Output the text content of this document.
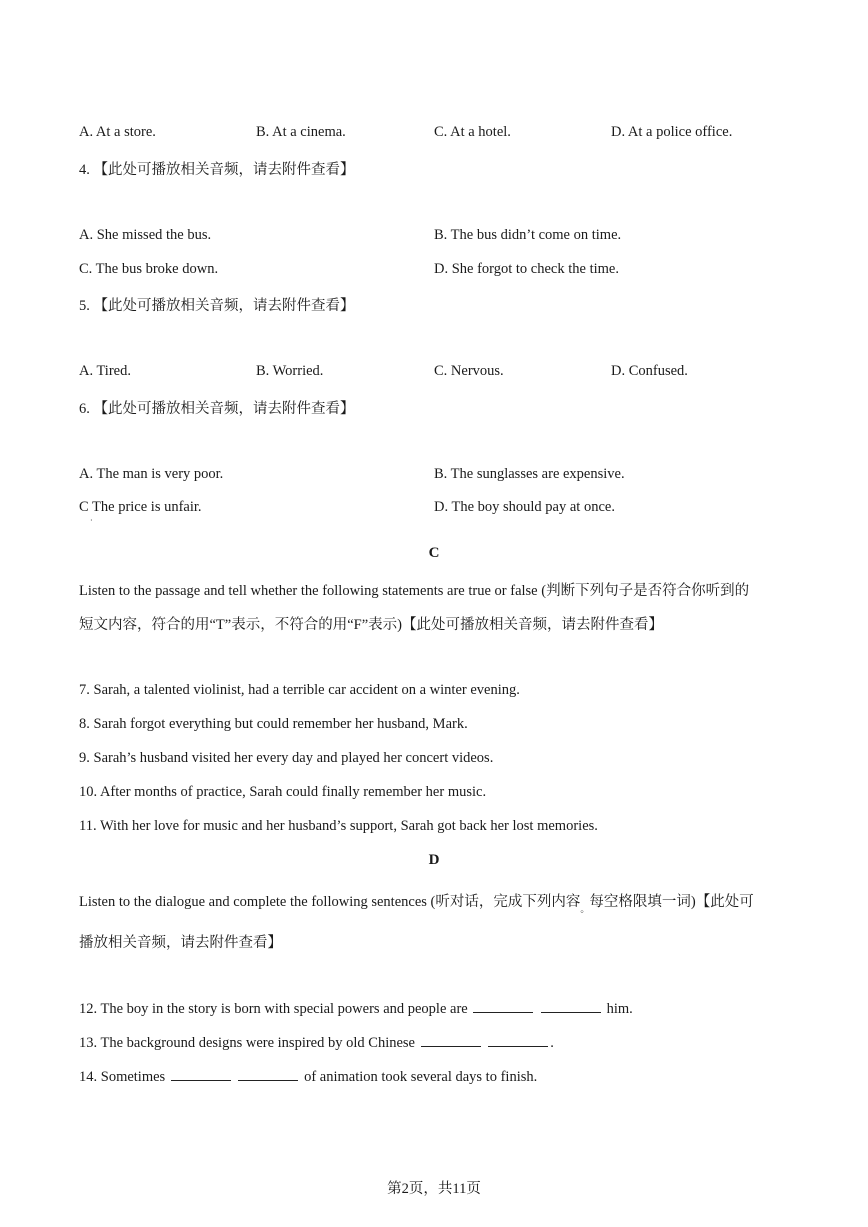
A. At a store.	B. At a cinema.	C. At a hotel.	D. At a police office.
4. 【此处可播放相关音频，请去附件查看】
A. She missed the bus.	B. The bus didn’t come on time.
C. The bus broke down.	D. She forgot to check the time.
5. 【此处可播放相关音频，请去附件查看】
A. Tired.	B. Worried.	C. Nervous.	D. Confused.
6. 【此处可播放相关音频，请去附件查看】
A. The man is very poor.	B. The sunglasses are expensive.
C The price is unfair.	D. The boy should pay at once.
·
C
Listen to the passage and tell whether the following statements are true or false (判断下列句子是否符合你听到的
短文内容，符合的用“T”表示，不符合的用“F”表示)【此处可播放相关音频，请去附件查看】
7. Sarah, a talented violinist, had a terrible car accident on a winter evening.
8. Sarah forgot everything but could remember her husband, Mark.
9. Sarah’s husband visited her every day and played her concert videos.
10. After months of practice, Sarah could finally remember her music.
11. With her love for music and her husband’s support, Sarah got back her lost memories.
D
Listen to the dialogue and complete the following sentences (听对话，完成下列内容$_。$每空格限填一词)【此处可
播放相关音频，请去附件查看】
12. The boy in the story is born with special powers and people are	him.
13. The background designs were inspired by old Chinese	.
14. Sometimes	of animation took several days to finish.
第2页，共11页
